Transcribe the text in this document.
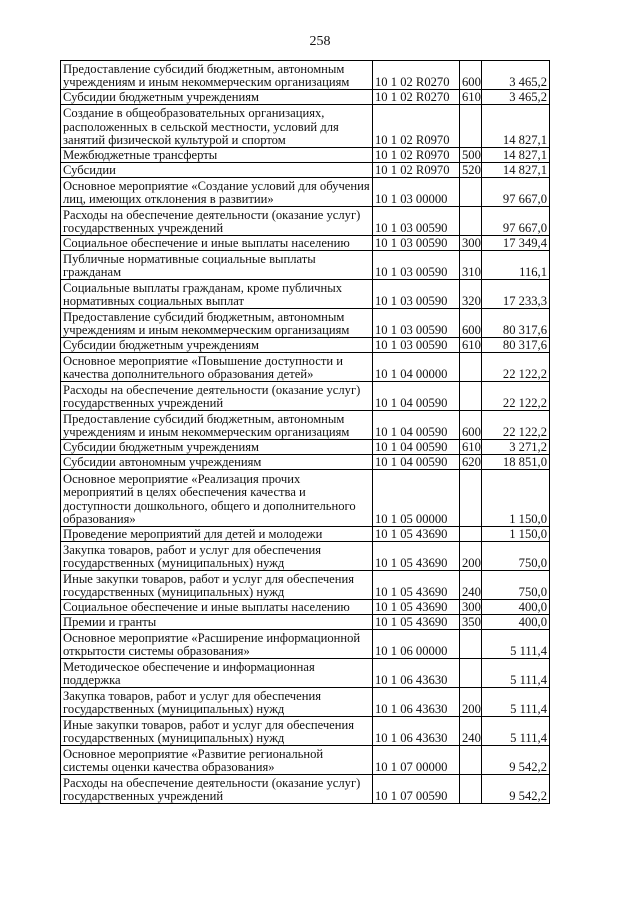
258
Предоставление субсидий бюджетным, автономным учреждениям и иным некоммерческим организациям	10 1 02 R0270	600	3 465,2
Субсидии бюджетным учреждениям	10 1 02 R0270	610	3 465,2
Создание в общеобразовательных организациях, расположенных в сельской местности, условий для занятий физической культурой и спортом	10 1 02 R0970		14 827,1
Межбюджетные трансферты	10 1 02 R0970	500	14 827,1
Субсидии	10 1 02 R0970	520	14 827,1
Основное мероприятие «Создание условий для обучения лиц, имеющих отклонения в развитии»	10 1 03 00000		97 667,0
Расходы на обеспечение деятельности (оказание услуг) государственных учреждений	10 1 03 00590		97 667,0
Социальное обеспечение и иные выплаты населению	10 1 03 00590	300	17 349,4
Публичные нормативные социальные выплаты гражданам	10 1 03 00590	310	116,1
Социальные выплаты гражданам, кроме публичных нормативных социальных выплат	10 1 03 00590	320	17 233,3
Предоставление субсидий бюджетным, автономным учреждениям и иным некоммерческим организациям	10 1 03 00590	600	80 317,6
Субсидии бюджетным учреждениям	10 1 03 00590	610	80 317,6
Основное мероприятие «Повышение доступности и качества дополнительного образования детей»	10 1 04 00000		22 122,2
Расходы на обеспечение деятельности (оказание услуг) государственных учреждений	10 1 04 00590		22 122,2
Предоставление субсидий бюджетным, автономным учреждениям и иным некоммерческим организациям	10 1 04 00590	600	22 122,2
Субсидии бюджетным учреждениям	10 1 04 00590	610	3 271,2
Субсидии автономным учреждениям	10 1 04 00590	620	18 851,0
Основное мероприятие «Реализация прочих мероприятий в целях обеспечения качества и доступности дошкольного, общего и дополнительного образования»	10 1 05 00000		1 150,0
Проведение мероприятий для детей и молодежи	10 1 05 43690		1 150,0
Закупка товаров, работ и услуг для обеспечения государственных (муниципальных) нужд	10 1 05 43690	200	750,0
Иные закупки товаров, работ и услуг для обеспечения государственных (муниципальных) нужд	10 1 05 43690	240	750,0
Социальное обеспечение и иные выплаты населению	10 1 05 43690	300	400,0
Премии и гранты	10 1 05 43690	350	400,0
Основное мероприятие «Расширение информационной открытости системы образования»	10 1 06 00000		5 111,4
Методическое обеспечение и информационная поддержка	10 1 06 43630		5 111,4
Закупка товаров, работ и услуг для обеспечения государственных (муниципальных) нужд	10 1 06 43630	200	5 111,4
Иные закупки товаров, работ и услуг для обеспечения государственных (муниципальных) нужд	10 1 06 43630	240	5 111,4
Основное мероприятие «Развитие региональной системы оценки качества образования»	10 1 07 00000		9 542,2
Расходы на обеспечение деятельности (оказание услуг) государственных учреждений	10 1 07 00590		9 542,2
